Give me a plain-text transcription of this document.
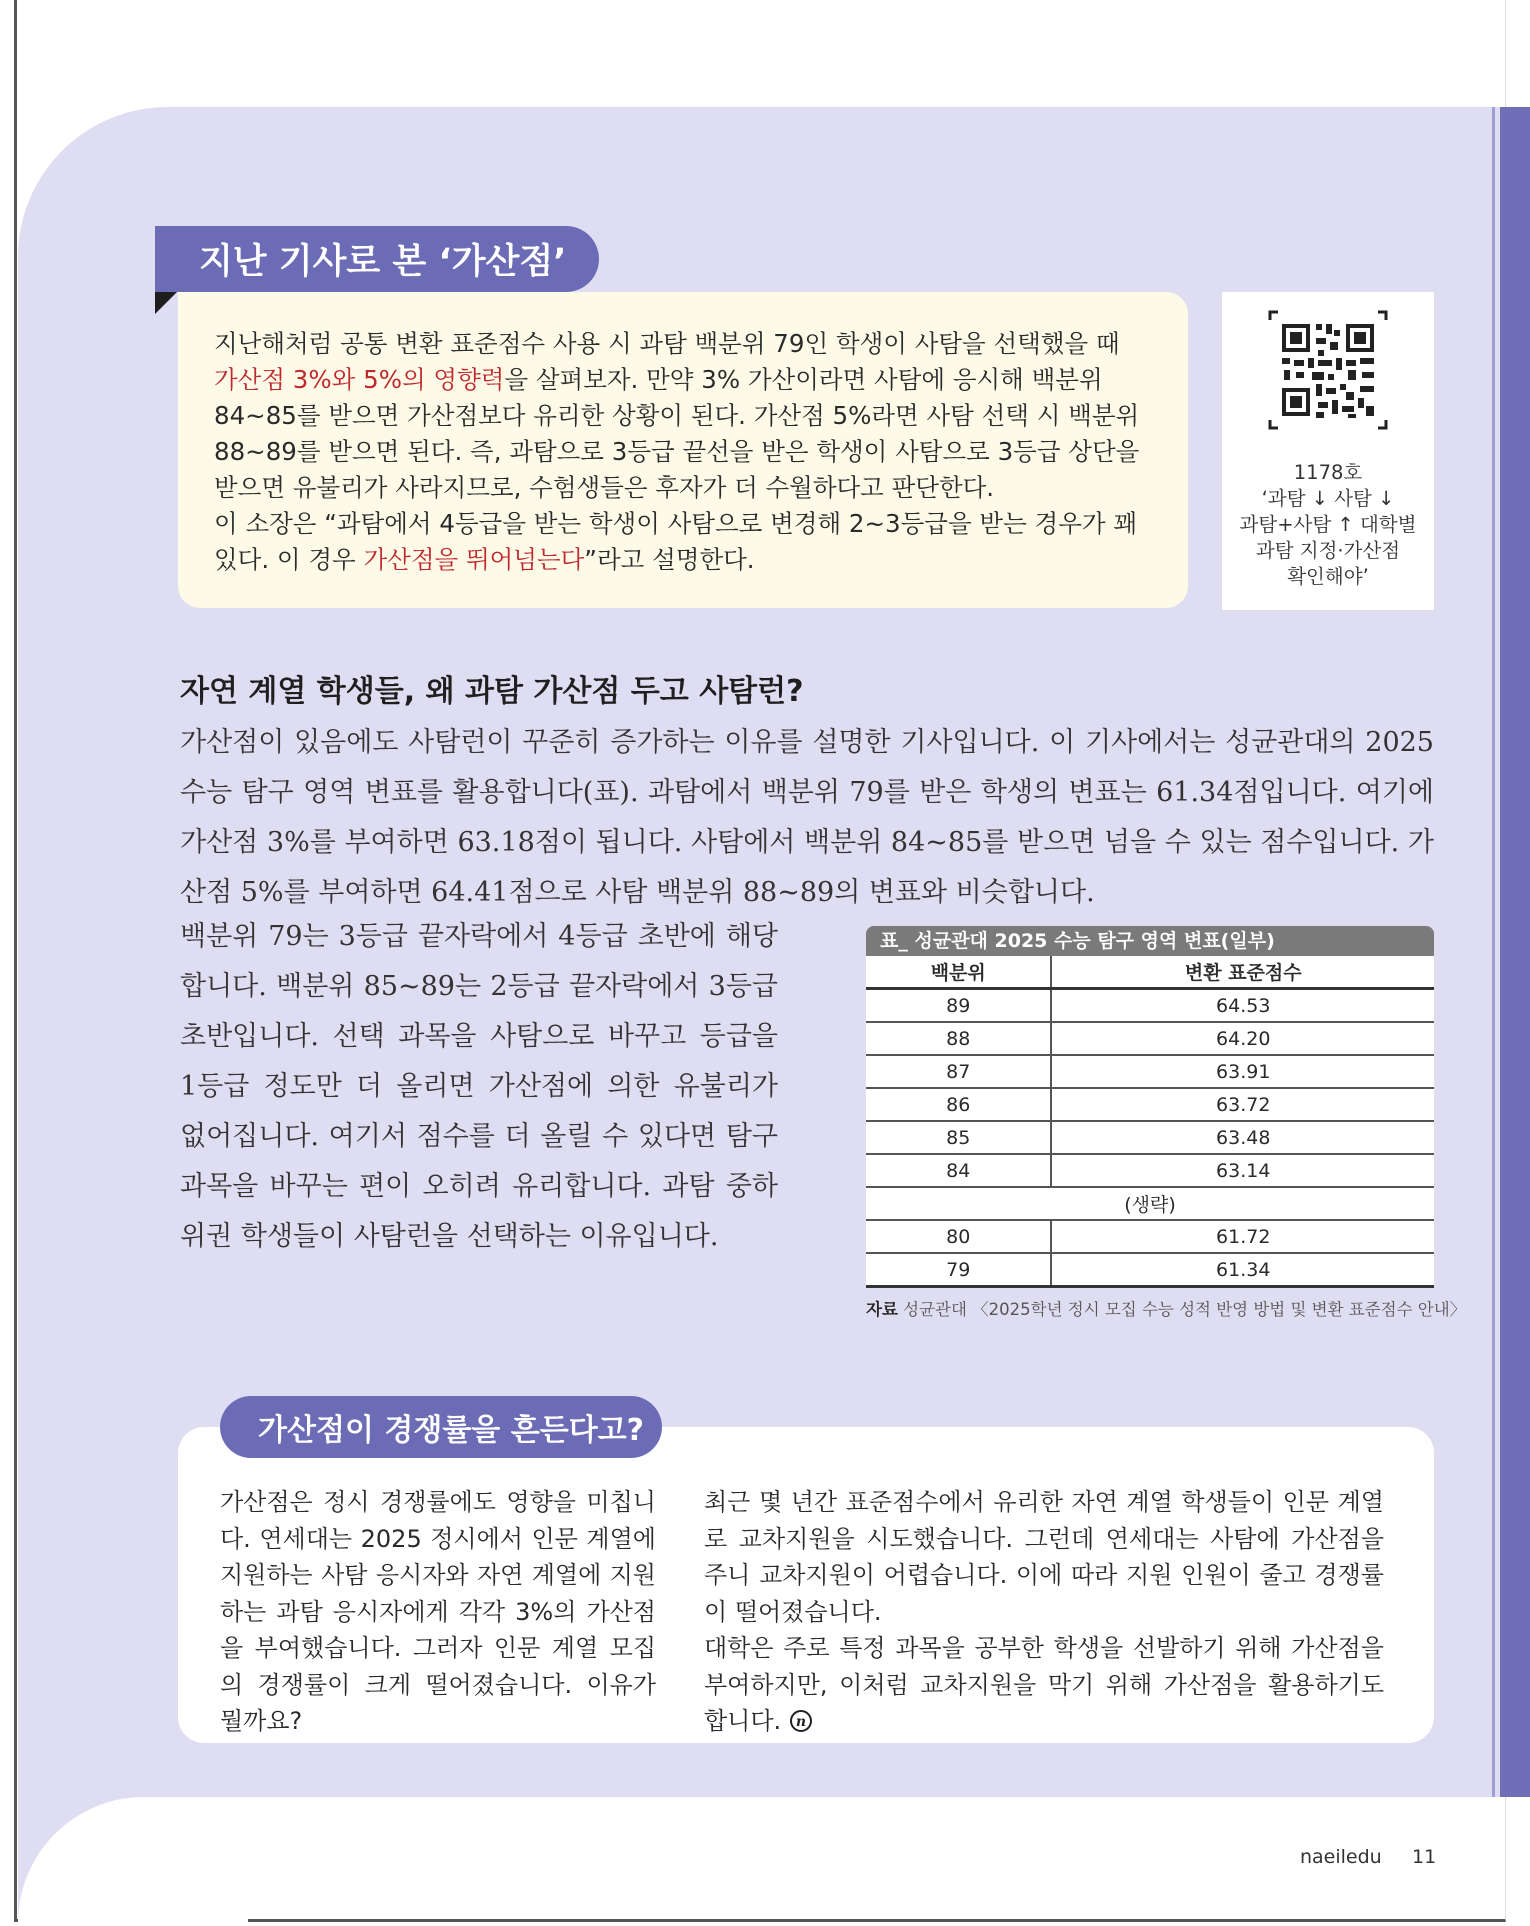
지난 기사로 본 ‘가산점’

지난해처럼 공통 변환 표준점수 사용 시 과탐 백분위 79인 학생이 사탐을 선택했을 때 가산점 3%와 5%의 영향력을 살펴보자. 만약 3% 가산이라면 사탐에 응시해 백분위 84~85를 받으면 가산점보다 유리한 상황이 된다. 가산점 5%라면 사탐 선택 시 백분위 88~89를 받으면 된다. 즉, 과탐으로 3등급 끝선을 받은 학생이 사탐으로 3등급 상단을 받으면 유불리가 사라지므로, 수험생들은 후자가 더 수월하다고 판단한다.

이 소장은 “과탐에서 4등급을 받는 학생이 사탐으로 변경해 2~3등급을 받는 경우가 꽤 있다. 이 경우 가산점을 뛰어넘는다”라고 설명한다.

1178호
‘과탐 ↓ 사탐 ↓
과탐+사탐 ↑ 대학별
과탐 지정·가산점
확인해야’
자연 계열 학생들, 왜 과탐 가산점 두고 사탐런?
가산점이 있음에도 사탐런이 꾸준히 증가하는 이유를 설명한 기사입니다. 이 기사에서는 성균관대의 2025 수능 탐구 영역 변표를 활용합니다(표). 과탐에서 백분위 79를 받은 학생의 변표는 61.34점입니다. 여기에 가산점 3%를 부여하면 63.18점이 됩니다. 사탐에서 백분위 84~85를 받으면 넘을 수 있는 점수입니다. 가산점 5%를 부여하면 64.41점으로 사탐 백분위 88~89의 변표와 비슷합니다.
백분위 79는 3등급 끝자락에서 4등급 초반에 해당합니다. 백분위 85~89는 2등급 끝자락에서 3등급 초반입니다. 선택 과목을 사탐으로 바꾸고 등급을 1등급 정도만 더 올리면 가산점에 의한 유불리가 없어집니다. 여기서 점수를 더 올릴 수 있다면 탐구 과목을 바꾸는 편이 오히려 유리합니다. 과탐 중하위권 학생들이 사탐런을 선택하는 이유입니다.
표_ 성균관대 2025 수능 탐구 영역 변표(일부)
백분위	변환 표준점수
89	64.53
88	64.20
87	63.91
86	63.72
85	63.48
84	63.14
(생략)	
80	61.72
79	61.34
자료 성균관대 〈2025학년 정시 모집 수능 성적 반영 방법 및 변환 표준점수 안내〉
가산점이 경쟁률을 흔든다고?

가산점은 정시 경쟁률에도 영향을 미칩니다. 연세대는 2025 정시에서 인문 계열에 지원하는 사탐 응시자와 자연 계열에 지원하는 과탐 응시자에게 각각 3%의 가산점을 부여했습니다. 그러자 인문 계열 모집의 경쟁률이 크게 떨어졌습니다. 이유가 뭘까요?

최근 몇 년간 표준점수에서 유리한 자연 계열 학생들이 인문 계열로 교차지원을 시도했습니다. 그런데 연세대는 사탐에 가산점을 주니 교차지원이 어렵습니다. 이에 따라 지원 인원이 줄고 경쟁률이 떨어졌습니다.

대학은 주로 특정 과목을 공부한 학생을 선발하기 위해 가산점을 부여하지만, 이처럼 교차지원을 막기 위해 가산점을 활용하기도 합니다. n

naeiledu 11
